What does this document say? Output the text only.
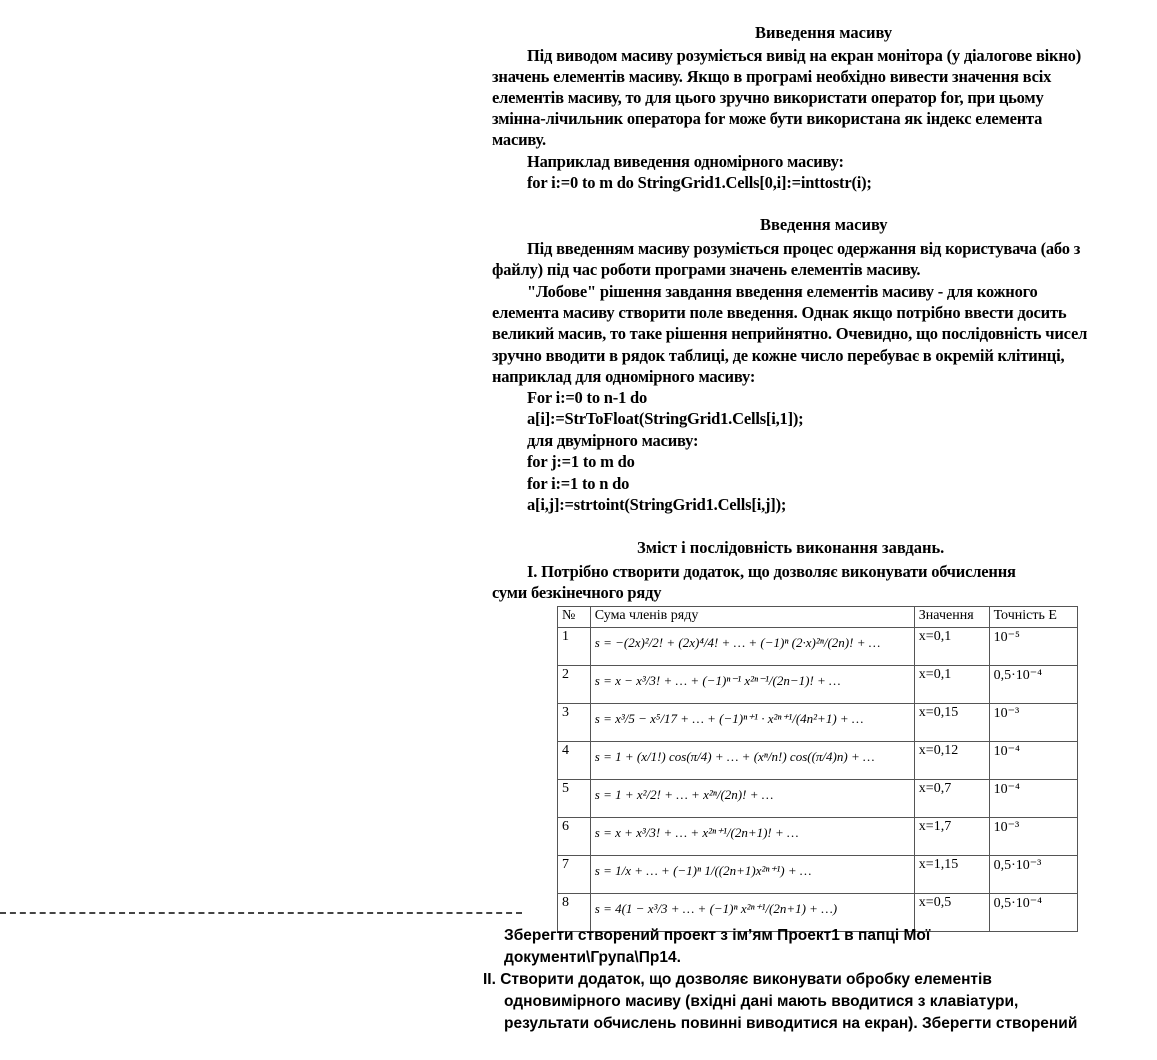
Виведення масиву
Під виводом масиву розуміється вивід на екран монітора (у діалогове вікно)
значень елементів масиву. Якщо в програмі необхідно вивести значення всіх
елементів масиву, то для цього зручно використати оператор for, при цьому
змінна-лічильник оператора for може бути використана як індекс елемента
масиву.
Наприклад виведення одномірного масиву:
for i:=0 to m do StringGrid1.Cells[0,i]:=inttostr(i);
Введення масиву
Під введенням масиву розуміється процес одержання від користувача (або з
файлу) під час роботи програми значень елементів масиву.
"Лобове" рішення завдання введення елементів масиву - для кожного
елемента масиву створити поле введення. Однак якщо потрібно ввести досить
великий масив, то таке рішення неприйнятно. Очевидно, що послідовність чисел
зручно вводити в рядок таблиці, де кожне число перебуває в окремій клітинці,
наприклад для одномірного масиву:
For i:=0 to n-1 do
a[i]:=StrToFloat(StringGrid1.Cells[i,1]);
для двумірного масиву:
for j:=1 to m do
for i:=1 to n do
a[i,j]:=strtoint(StringGrid1.Cells[i,j]);
Зміст і послідовність виконання завдань.
I. Потрібно створити додаток, що дозволяє виконувати обчислення
суми безкінечного ряду
№	Сума членів ряду	Значення	Точність E
1	s = −(2x)²/2! + (2x)⁴/4! + … + (−1)ⁿ (2·x)²ⁿ/(2n)! + …	x=0,1	10⁻⁵
2	s = x − x³/3! + … + (−1)ⁿ⁻¹ x²ⁿ⁻¹/(2n−1)! + …	x=0,1	0,5·10⁻⁴
3	s = x³/5 − x⁵/17 + … + (−1)ⁿ⁺¹ · x²ⁿ⁺¹/(4n²+1) + …	x=0,15	10⁻³
4	s = 1 + (x/1!) cos(π/4) + … + (xⁿ/n!) cos((π/4)n) + …	x=0,12	10⁻⁴
5	s = 1 + x²/2! + … + x²ⁿ/(2n)! + …	x=0,7	10⁻⁴
6	s = x + x³/3! + … + x²ⁿ⁺¹/(2n+1)! + …	x=1,7	10⁻³
7	s = 1/x + … + (−1)ⁿ 1/((2n+1)x²ⁿ⁺¹) + …	x=1,15	0,5·10⁻³
8	s = 4(1 − x³/3 + … + (−1)ⁿ x²ⁿ⁺¹/(2n+1) + …)	x=0,5	0,5·10⁻⁴
Зберегти створений проект з ім’ям Проект1 в папці Мої
документи\Група\Пр14.
II. Створити додаток, що дозволяє виконувати обробку елементів
одновимірного масиву (вхідні дані мають вводитися з клавіатури,
результати обчислень повинні виводитися на екран). Зберегти створений
